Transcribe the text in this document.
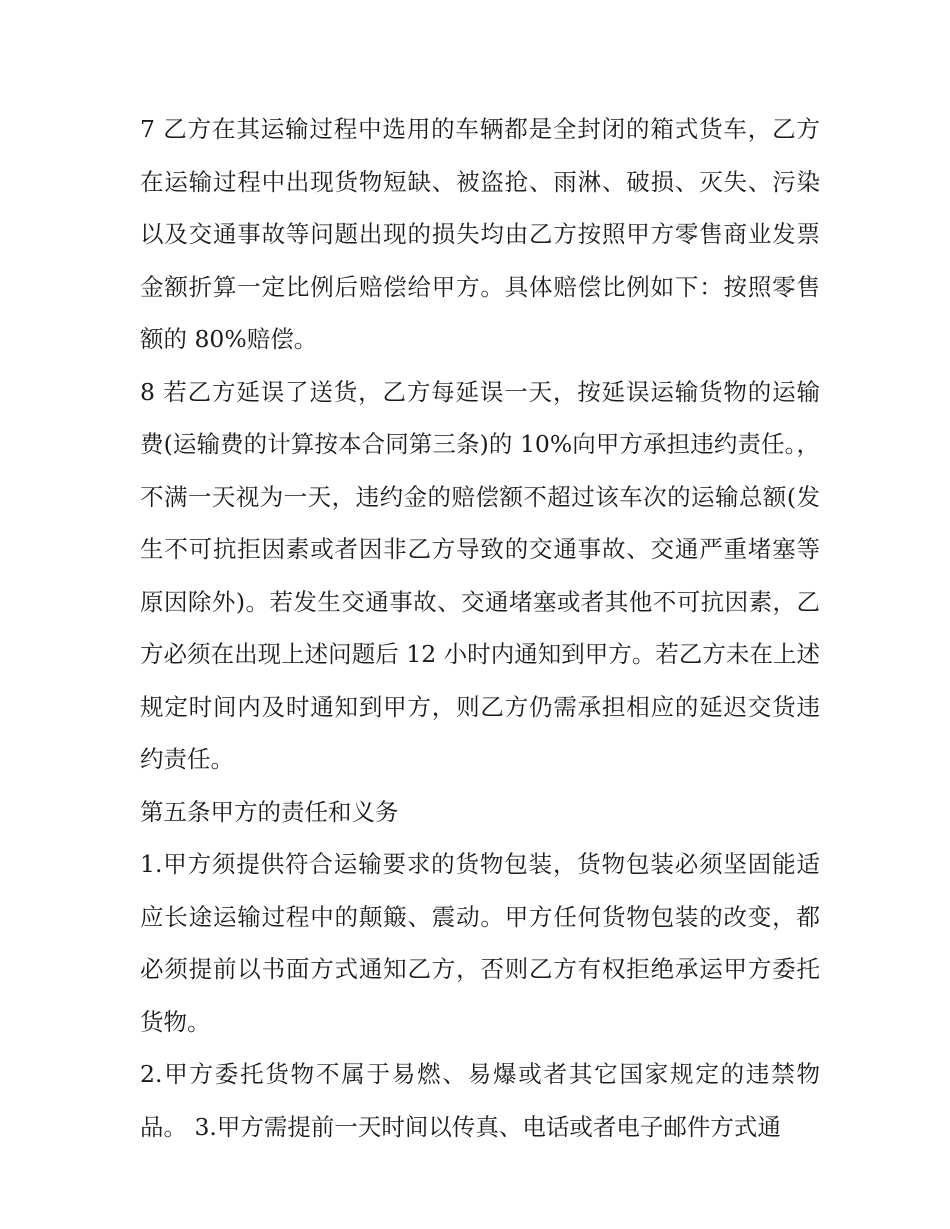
7 乙方在其运输过程中选用的车辆都是全封闭的箱式货车，乙方在运输过程中出现货物短缺、被盗抢、雨淋、破损、灭失、污染以及交通事故等问题出现的损失均由乙方按照甲方零售商业发票金额折算一定比例后赔偿给甲方。具体赔偿比例如下：按照零售额的 80%赔偿。

8 若乙方延误了送货，乙方每延误一天，按延误运输货物的运输费(运输费的计算按本合同第三条)的 10%向甲方承担违约责任。，不满一天视为一天，违约金的赔偿额不超过该车次的运输总额(发生不可抗拒因素或者因非乙方导致的交通事故、交通严重堵塞等原因除外)。若发生交通事故、交通堵塞或者其他不可抗因素，乙方必须在出现上述问题后 12 小时内通知到甲方。若乙方未在上述规定时间内及时通知到甲方，则乙方仍需承担相应的延迟交货违约责任。

第五条甲方的责任和义务

1.甲方须提供符合运输要求的货物包装，货物包装必须坚固能适应长途运输过程中的颠簸、震动。甲方任何货物包装的改变，都必须提前以书面方式通知乙方，否则乙方有权拒绝承运甲方委托货物。

2.甲方委托货物不属于易燃、易爆或者其它国家规定的违禁物品。 3.甲方需提前一天时间以传真、电话或者电子邮件方式通
